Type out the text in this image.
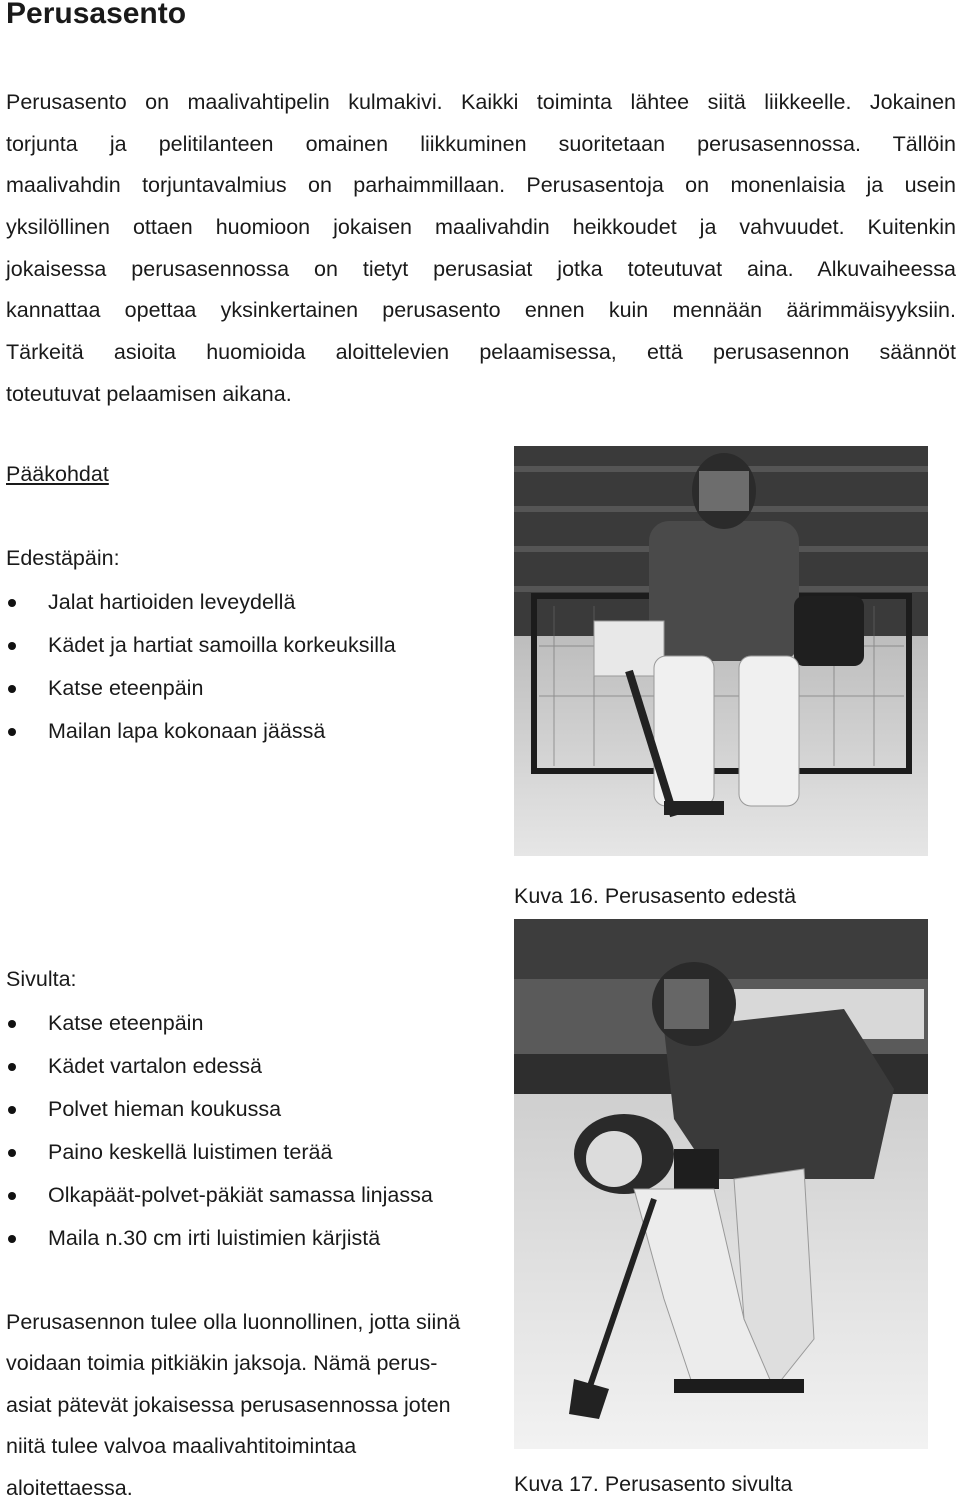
Perusasento
Perusasento on maalivahtipelin kulmakivi. Kaikki toiminta lähtee siitä liikkeelle. Jokainen
torjunta ja pelitilanteen omainen liikkuminen suoritetaan perusasennossa. Tällöin
maalivahdin torjuntavalmius on parhaimmillaan. Perusasentoja on monenlaisia ja usein
yksilöllinen ottaen huomioon jokaisen maalivahdin heikkoudet ja vahvuudet. Kuitenkin
jokaisessa perusasennossa on tietyt perusasiat jotka toteutuvat aina. Alkuvaiheessa
kannattaa opettaa yksinkertainen perusasento ennen kuin mennään äärimmäisyyksiin.
Tärkeitä asioita huomioida aloittelevien pelaamisessa, että perusasennon säännöt
toteutuvat pelaamisen aikana.
Pääkohdat
Edestäpäin:
Jalat hartioiden leveydellä
Kädet ja hartiat samoilla korkeuksilla
Katse eteenpäin
Mailan lapa kokonaan jäässä
Kuva 16. Perusasento edestä
Sivulta:
Katse eteenpäin
Kädet vartalon edessä
Polvet hieman koukussa
Paino keskellä luistimen terää
Olkapäät-polvet-päkiät samassa linjassa
Maila n.30 cm irti luistimien kärjistä
Kuva 17. Perusasento sivulta
Perusasennon tulee olla luonnollinen, jotta siinä
voidaan toimia pitkiäkin jaksoja. Nämä perus-
asiat pätevät jokaisessa perusasennossa joten
niitä tulee valvoa maalivahtitoimintaa
aloitettaessa.
